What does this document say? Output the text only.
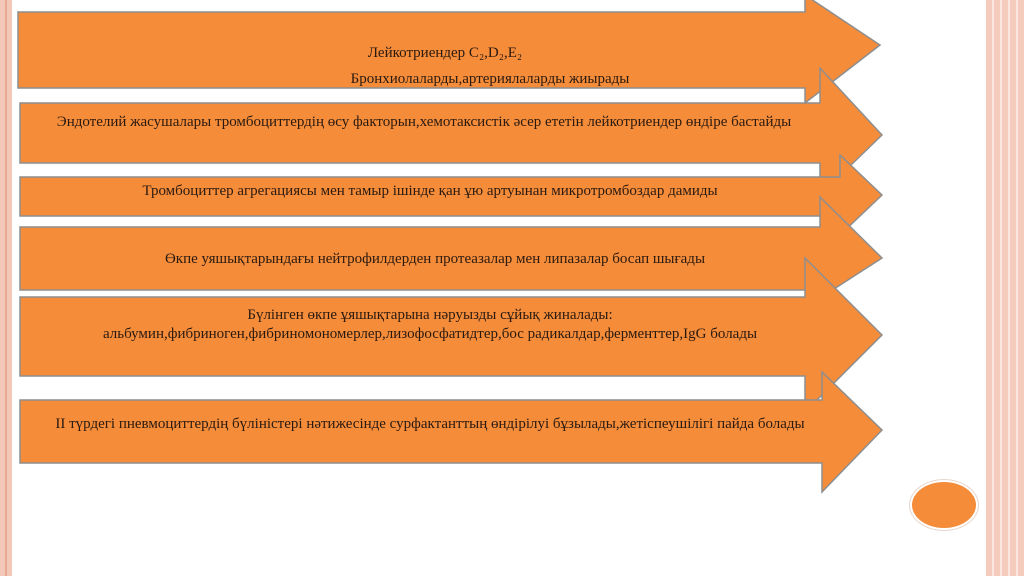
Лейкотриендер C₂,D₂,E₂
Бронхиолаларды,артериялаларды жиырады
Эндотелий жасушалары тромбоциттердің өсу факторын,хемотаксистік әсер ететін лейкотриендер өндіре бастайды
Тромбоциттер агрегациясы мен тамыр ішінде қан ұю артуынан микротромбоздар дамиды
Өкпе уяшықтарындағы нейтрофилдерден протеазалар мен липазалар босап шығады
Бүлінген өкпе ұяшықтарына нәруызды сұйық жиналады: альбумин,фибриноген,фибриномономерлер,лизофосфатидтер,бос радикалдар,ферменттер,IgG болады
II түрдегі пневмоциттердің бүліністері нәтижесінде сурфактанттың өндірілуі бұзылады,жетіспеушілігі пайда болады
